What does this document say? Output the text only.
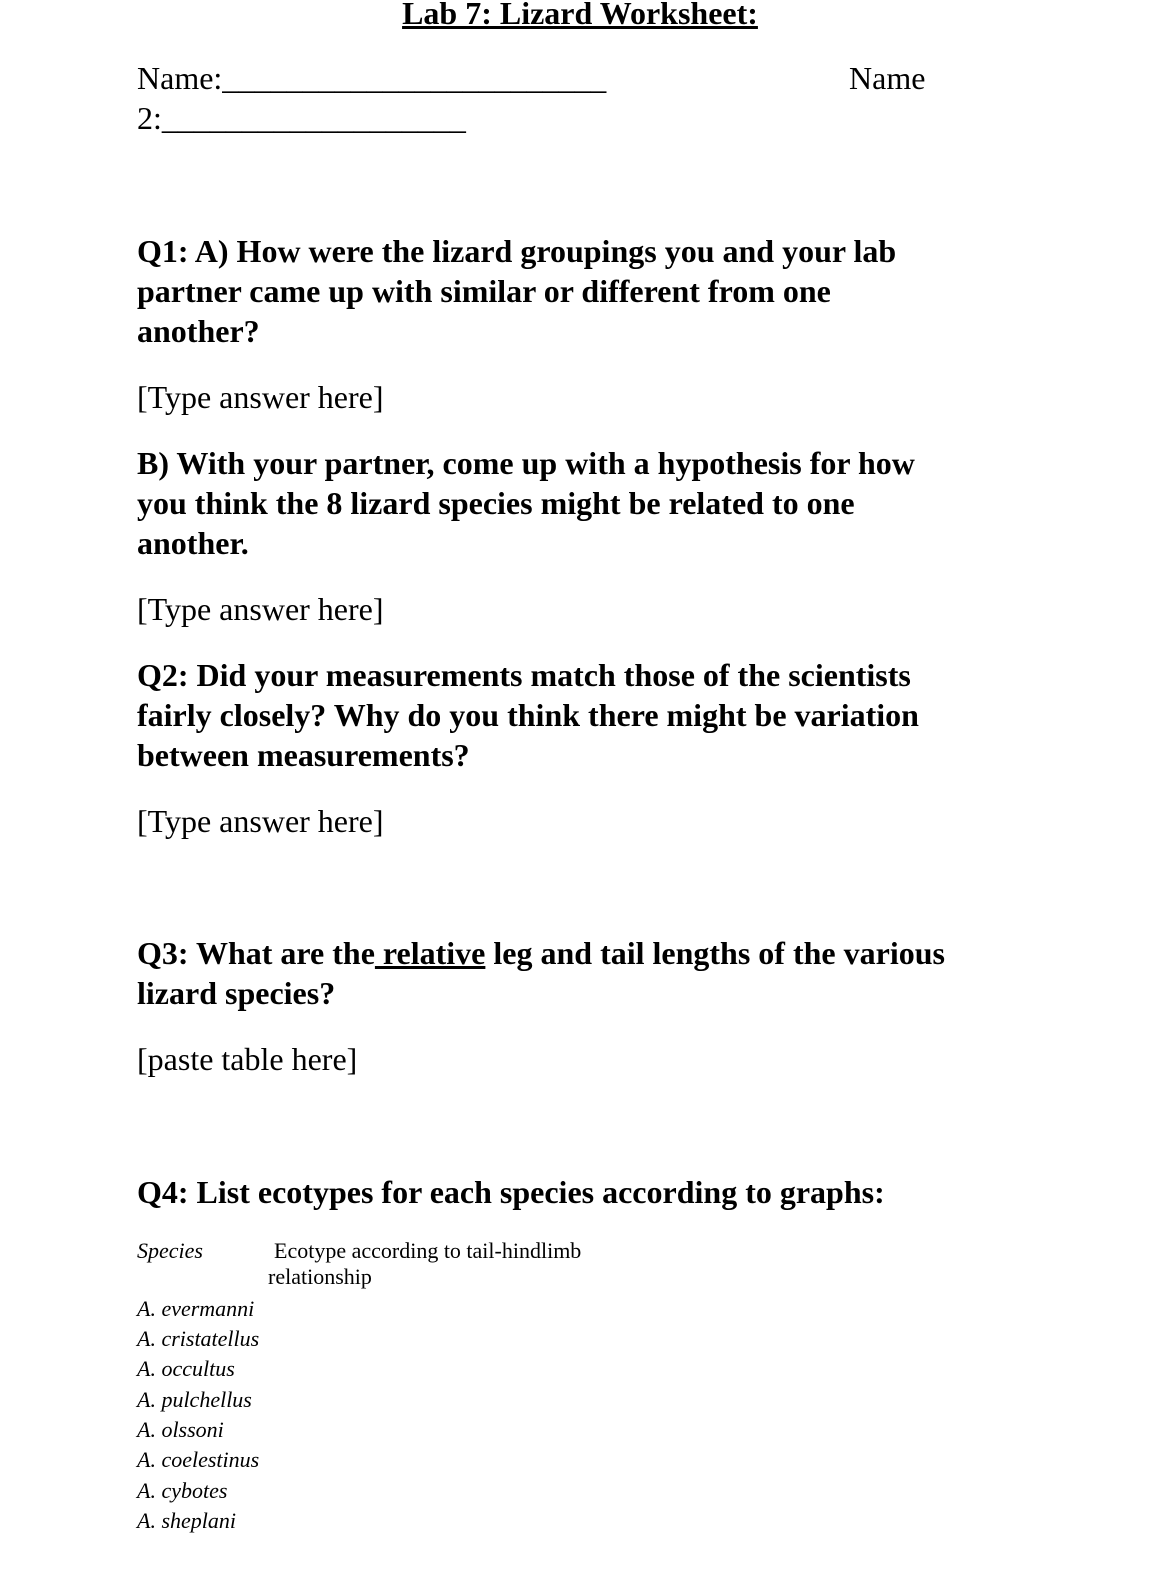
Lab 7: Lizard Worksheet:
Name:________________________	Name
2:___________________
Q1: A) How were the lizard groupings you and your lab
partner came up with similar or different from one
another?
[Type answer here]
B) With your partner, come up with a hypothesis for how
you think the 8 lizard species might be related to one
another.
[Type answer here]
Q2: Did your measurements match those of the scientists
fairly closely? Why do you think there might be variation
between measurements?
[Type answer here]
Q3: What are the relative leg and tail lengths of the various
lizard species?
[paste table here]
Q4: List ecotypes for each species according to graphs:
Species	Ecotype according to tail-hindlimb relationship
A. evermanni
A. cristatellus
A. occultus
A. pulchellus
A. olssoni
A. coelestinus
A. cybotes
A. sheplani
